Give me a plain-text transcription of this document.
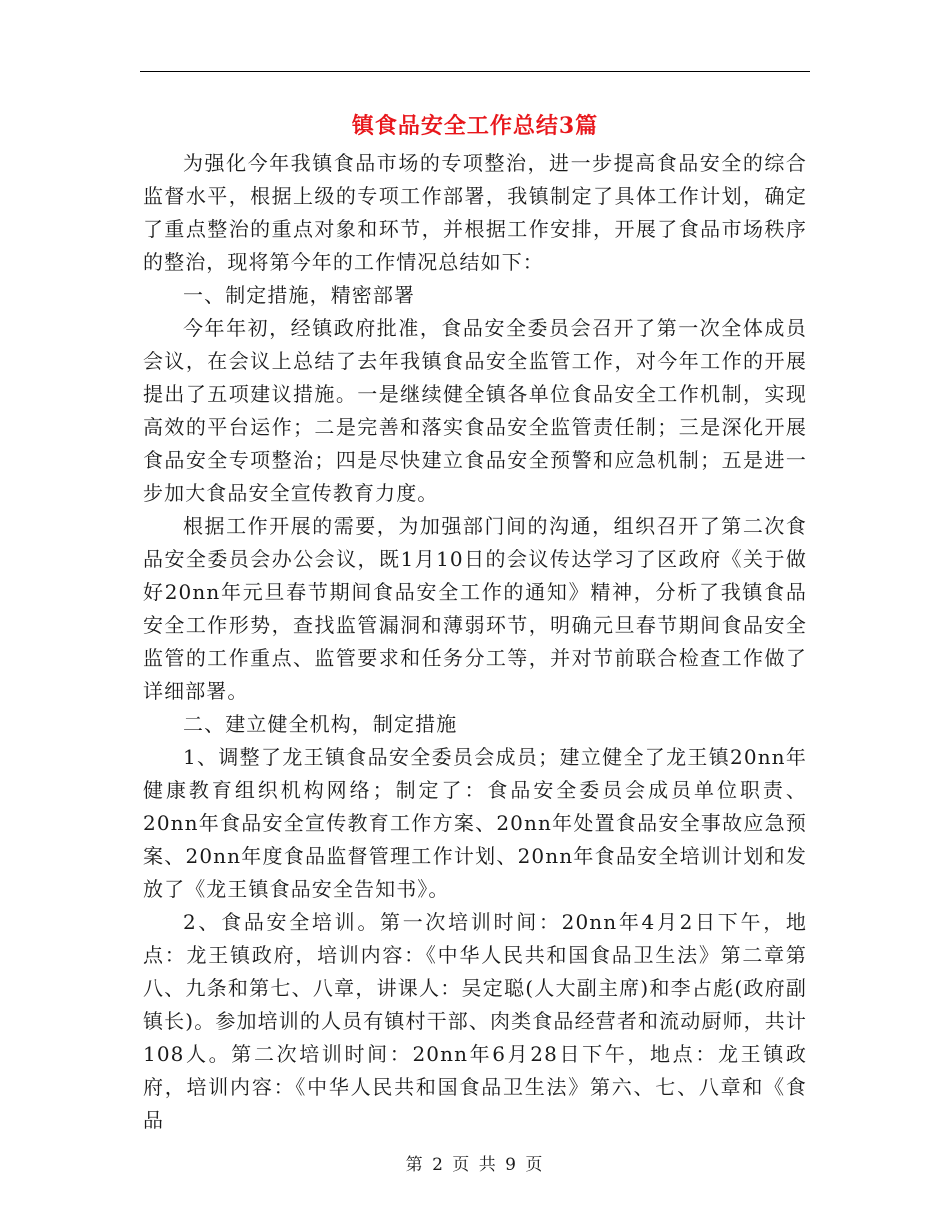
镇食品安全工作总结3篇

为强化今年我镇食品市场的专项整治，进一步提高食品安全的综合监督水平，根据上级的专项工作部署，我镇制定了具体工作计划，确定了重点整治的重点对象和环节，并根据工作安排，开展了食品市场秩序的整治，现将第今年的工作情况总结如下：

一、制定措施，精密部署

今年年初，经镇政府批准，食品安全委员会召开了第一次全体成员会议，在会议上总结了去年我镇食品安全监管工作，对今年工作的开展提出了五项建议措施。一是继续健全镇各单位食品安全工作机制，实现高效的平台运作；二是完善和落实食品安全监管责任制；三是深化开展食品安全专项整治；四是尽快建立食品安全预警和应急机制；五是进一步加大食品安全宣传教育力度。

根据工作开展的需要，为加强部门间的沟通，组织召开了第二次食品安全委员会办公会议，既1月10日的会议传达学习了区政府《关于做好20nn年元旦春节期间食品安全工作的通知》精神，分析了我镇食品安全工作形势，查找监管漏洞和薄弱环节，明确元旦春节期间食品安全监管的工作重点、监管要求和任务分工等，并对节前联合检查工作做了详细部署。

二、建立健全机构，制定措施

1、调整了龙王镇食品安全委员会成员；建立健全了龙王镇20nn年健康教育组织机构网络；制定了：食品安全委员会成员单位职责、20nn年食品安全宣传教育工作方案、20nn年处置食品安全事故应急预案、20nn年度食品监督管理工作计划、20nn年食品安全培训计划和发放了《龙王镇食品安全告知书》。

2、食品安全培训。第一次培训时间：20nn年4月2日下午，地点：龙王镇政府，培训内容：《中华人民共和国食品卫生法》第二章第八、九条和第七、八章，讲课人：吴定聪(人大副主席)和李占彪(政府副镇长)。参加培训的人员有镇村干部、肉类食品经营者和流动厨师，共计108人。第二次培训时间：20nn年6月28日下午，地点：龙王镇政府，培训内容：《中华人民共和国食品卫生法》第六、七、八章和《食品

第 2 页 共 9 页
